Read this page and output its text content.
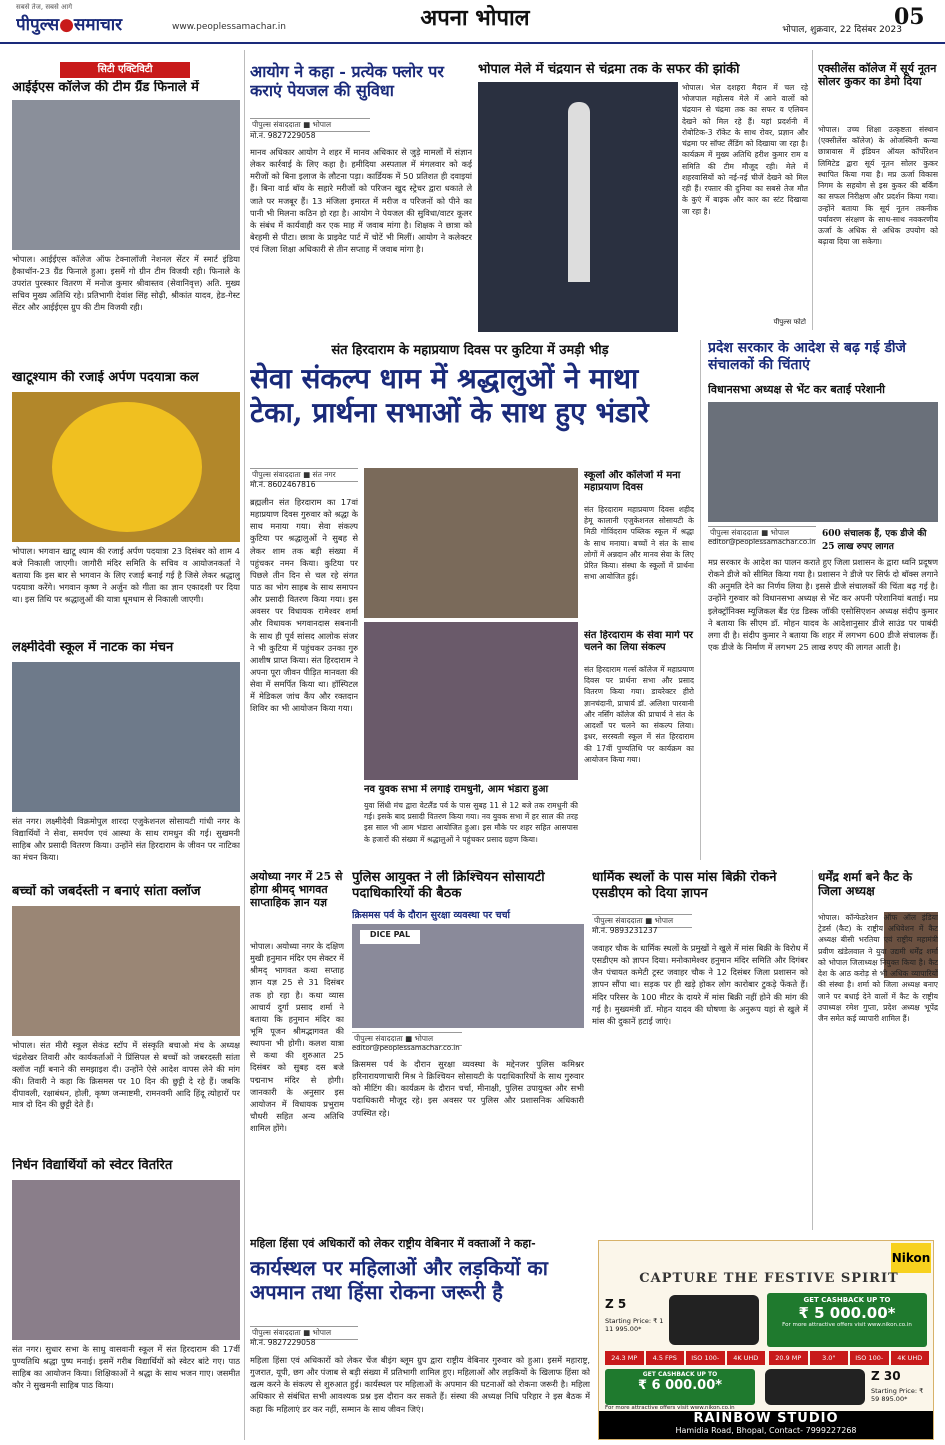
सबसे तेज, सबसे आगे
पीपुल्स●समाचार	www.peoplessamachar.in	अपना भोपाल	भोपाल, शुक्रवार, 22 दिसंबर 2023
05
सिटी एक्टिविटी
आईईएस कॉलेज की टीम ग्रैंड फिनाले में
भोपाल। आईईएस कॉलेज ऑफ टेक्नालॉजी नेशनल सेंटर में स्मार्ट इंडिया हैकाथॉन-23 ग्रैंड फिनाले हुआ। इसमें गो ग्रीन टीम विजयी रही। फिनाले के उपरांत पुरस्कार वितरण में मनोज कुमार श्रीवास्तव (सेवानिवृत्त) अति. मुख्य सचिव मुख्य अतिथि रहे। प्रतिभागी देवांश सिंह सोढ़ी, श्रीकांत यादव, हेड-गेस्ट सेंटर और आईईएस ग्रुप की टीम विजयी रही।
खाटूश्याम की रजाई अर्पण पदयात्रा कल
भोपाल। भगवान खाटू श्याम की रजाई अर्पण पदयात्रा 23 दिसंबर को शाम 4 बजे निकाली जाएगी। जागौरी मंदिर समिति के सचिव व आयोजनकर्ता ने बताया कि इस बार से भगवान के लिए रजाई बनाई गई है जिसे लेकर श्रद्धालु पदयात्रा करेंगे। भगवान कृष्ण ने अर्जुन को गीता का ज्ञान एकादशी पर दिया था। इस तिथि पर श्रद्धालुओं की यात्रा धूमधाम से निकाली जाएगी।
लक्ष्मीदेवी स्कूल में नाटक का मंचन
संत नगर। लक्ष्मीदेवी विक्रमोपुल शारदा एजुकेशनल सोसायटी गांधी नगर के विद्यार्थियों ने सेवा, समर्पण एवं आस्था के साथ रामधुन की गई। सुखमनी साहिब और प्रसादी वितरण किया। उन्होंने संत हिरदाराम के जीवन पर नाटिका का मंचन किया।
बच्चों को जबर्दस्ती न बनाएं सांता क्लॉज
भोपाल। संत मीरौ स्कूल सेकंड स्टॉप में संस्कृति बचाओ मंच के अध्यक्ष चंद्रशेखर तिवारी और कार्यकर्ताओं ने प्रिंसिपल से बच्चों को जबरदस्ती सांता क्लॉज नहीं बनाने की समझाइश दी। उन्होंने ऐसे आदेश वापस लेने की मांग की। तिवारी ने कहा कि क्रिसमस पर 10 दिन की छुट्टी दे रहे हैं। जबकि दीपावली, रक्षाबंधन, होली, कृष्ण जन्माष्टमी, रामनवमी आदि हिंदू त्योहारों पर मात्र दो दिन की छुट्टी देते हैं।
निर्धन विद्यार्थियों को स्वेटर वितरित
संत नगर। सुधार सभा के साधु वासवानी स्कूल में संत हिरदाराम की 17वीं पुण्यतिथि श्रद्धा पुष्प मनाई। इसमें गरीब विद्यार्थियों को स्वेटर बांटे गए। पाठ साहिब का आयोजन किया। शिक्षिकाओं ने श्रद्धा के साथ भजन गाए। जसमीत कौर ने सुखमनी साहिब पाठ किया।
आयोग ने कहा - प्रत्येक फ्लोर पर कराएं पेयजल की सुविधा
पीपुल्स संवाददाता ■ भोपाल
मो.नं. 9827229058
मानव अधिकार आयोग ने शहर में मानव अधिकार से जुड़े मामलों में संज्ञान लेकर कार्रवाई के लिए कहा है। हमीदिया अस्पताल में मंगलवार को कई मरीजों को बिना इलाज के लौटना पड़ा। कार्डियक में 50 प्रतिशत ही दवाइयां हैं। बिना वार्ड बॉय के सहारे मरीजों को परिजन खुद स्ट्रेचर द्वारा धकाते ले जाते पर मजबूर हैं। 13 मंजिला इमारत में मरीज व परिजनों को पीने का पानी भी मिलना कठिन हो रहा है। आयोग ने पेयजल की सुविधा/वाटर कूलर के संबंध में कार्यवाही कर एक माह में जवाब मांगा है। शिक्षक ने छात्रा को बेरहमी से पीटा। छात्रा के प्राइवेट पार्ट में चोटें भी मिलीं। आयोग ने कलेक्टर एवं जिला शिक्षा अधिकारी से तीन सप्ताह में जवाब मांगा है।
भोपाल मेले में चंद्रयान से चंद्रमा तक के सफर की झांकी
भोपाल। भेल दशहरा मैदान में चल रहे भोजपाल महोत्सव मेले में आने वालों को चंद्रयान से चंद्रमा तक का सफर व एलियन देखने को मिल रहे हैं। यहां प्रदर्शनी में रोबोटिक-3 रॉकेट के साथ रोवर, प्रज्ञान और चंद्रमा पर सॉफ्ट लैंडिंग को दिखाया जा रहा है। कार्यक्रम में मुख्य अतिथि हरीश कुमार राम व समिति की टीम मौजूद रही। मेले में शहरवासियों को नई-नई चीजें देखने को मिल रही हैं। रफ्तार की दुनिया का सबसे तेज मौत के कुएं में बाइक और कार का स्टंट दिखाया जा रहा है।
पीपुल्स फोटो
एक्सीलेंस कॉलेज में सूर्य नूतन सोलर कुकर का डेमो दिया
भोपाल। उच्च शिक्षा उत्कृष्टता संस्थान (एक्सीलेंस कॉलेज) के ओजस्विनी कन्या छात्रावास में इंडियन ऑयल कॉर्पोरेशन लिमिटेड द्वारा सूर्य नूतन सोलर कुकर स्थापित किया गया है। मप्र ऊर्जा विकास निगम के सहयोग से इस कुकर की बर्किंग का सफल निरीक्षण और प्रदर्शन किया गया। उन्होंने बताया कि सूर्य नूतन तकनीक पर्यावरण संरक्षण के साथ-साथ नवकरणीय ऊर्जा के अधिक से अधिक उपयोग को बढ़ावा दिया जा सकेगा।
संत हिरदाराम के महाप्रयाण दिवस पर कुटिया में उमड़ी भीड़
सेवा संकल्प धाम में श्रद्धालुओं ने माथा टेका, प्रार्थना सभाओं के साथ हुए भंडारे
पीपुल्स संवाददाता ■ संत नगर
मो.नं. 8602467816
ब्रह्मलीन संत हिरदाराम का 17वां महाप्रयाण दिवस गुरुवार को श्रद्धा के साथ मनाया गया। सेवा संकल्प कुटिया पर श्रद्धालुओं ने सुबह से लेकर शाम तक बड़ी संख्या में पहुंचकर नमन किया। कुटिया पर पिछले तीन दिन से चल रहे संगत पाठ का भोग साहब के साथ समापन और प्रसादी वितरण किया गया। इस अवसर पर विधायक रामेश्वर शर्मा और विधायक भगवानदास सबनानी के साथ ही पूर्व सांसद आलोक संजर ने भी कुटिया में पहुंचकर उनका गुरु आशीष प्राप्त किया। संत हिरदाराम ने अपना पूरा जीवन पीड़ित मानवता की सेवा में समर्पित किया था। हॉस्पिटल में मेडिकल जांच कैंप और रक्तदान शिविर का भी आयोजन किया गया।
नव युवक सभा में लगाई रामधुनी, आम भंडारा हुआ
युवा सिंधी मंच द्वारा वेटलैंड पर्व के पास सुबह 11 से 12 बजे तक रामधुनी की गई। इसके बाद प्रसादी वितरण किया गया। नव युवक सभा में हर साल की तरह इस साल भी आम भंडारा आयोजित हुआ। इस मौके पर शहर सहित आसपास के हजारों की संख्या में श्रद्धालुओं ने पहुंचकर प्रसाद ग्रहण किया।
स्कूलों और कॉलेजों में मना महाप्रयाण दिवस
संत हिरदाराम महाप्रयाण दिवस शहीद हेमू कालानी एजुकेशनल सोसायटी के मिठी गोविंदराम पब्लिक स्कूल में श्रद्धा के साथ मनाया। बच्चों ने संत के साथ लोगों में अन्नदान और मानव सेवा के लिए प्रेरित किया। संस्था के स्कूलों में प्रार्थना सभा आयोजित हुई।
संत हिरदाराम के सेवा मार्ग पर चलने का लिया संकल्प
संत हिरदाराम गर्ल्स कॉलेज में महाप्रयाण दिवस पर प्रार्थना सभा और प्रसाद वितरण किया गया। डायरेक्टर हीरो ज्ञानचंदानी, प्राचार्य डॉ. अलिशा पारवानी और नर्सिंग कॉलेज की प्राचार्य ने संत के आदर्शों पर चलने का संकल्प लिया। इधर, सरस्वती स्कूल में संत हिरदाराम की 17वीं पुण्यतिथि पर कार्यक्रम का आयोजन किया गया।
प्रदेश सरकार के आदेश से बढ़ गई डीजे संचालकों की चिंताएं
विधानसभा अध्यक्ष से भेंट कर बताई परेशानी
पीपुल्स संवाददाता ■ भोपाल
editor@peoplessamachar.co.in
600 संचालक हैं, एक डीजे की 25 लाख रुपए लागत
मप्र सरकार के आदेश का पालन कराते हुए जिला प्रशासन के द्वारा ध्वनि प्रदूषण रोकने डीजे को सीमित किया गया है। प्रशासन ने डीजे पर सिर्फ दो बॉक्स लगाने की अनुमति देने का निर्णय लिया है। इससे डीजे संचालकों की चिंता बढ़ गई है। उन्होंने गुरुवार को विधानसभा अध्यक्ष से भेंट कर अपनी परेशानियां बताई। मप्र इलेक्ट्रॉनिक्स म्यूजिकल बैंड एंड डिस्क जॉकी एसोसिएशन अध्यक्ष संदीप कुमार ने बताया कि सीएम डॉ. मोहन यादव के आदेशानुसार डीजे साउंड पर पाबंदी लगा दी है। संदीप कुमार ने बताया कि शहर में लगभग 600 डीजे संचालक हैं। एक डीजे के निर्माण में लगभग 25 लाख रुपए की लागत आती है।
अयोध्या नगर में 25 से होगा श्रीमद् भागवत साप्ताहिक ज्ञान यज्ञ
भोपाल। अयोध्या नगर के दक्षिण मुखी हनुमान मंदिर एम सेक्टर में श्रीमद् भागवत कथा सप्ताह ज्ञान यज्ञ 25 से 31 दिसंबर तक हो रहा है। कथा व्यास आचार्य दुर्गा प्रसाद शर्मा ने बताया कि हनुमान मंदिर का भूमि पूजन श्रीमद्भागवत की स्थापना भी होगी। कलश यात्रा से कथा की शुरुआत 25 दिसंबर को सुबह दस बजे पद्मनाभ मंदिर से होगी। जानकारी के अनुसार इस आयोजन में विधायक प्रभुराम चौधरी सहित अन्य अतिथि शामिल होंगे।
पुलिस आयुक्त ने ली क्रिश्चियन सोसायटी पदाधिकारियों की बैठक
क्रिसमस पर्व के दौरान सुरक्षा व्यवस्था पर चर्चा
DICE PAL
पीपुल्स संवाददाता ■ भोपाल
editor@peoplessamachar.co.in
क्रिसमस पर्व के दौरान सुरक्षा व्यवस्था के मद्देनजर पुलिस कमिश्नर हरिनारायणाचारी मिश्र ने क्रिश्चियन सोसायटी के पदाधिकारियों के साथ गुरुवार को मीटिंग की। कार्यक्रम के दौरान चर्चा, मीनाक्षी, पुलिस उपायुक्त और सभी पदाधिकारी मौजूद रहे। इस अवसर पर पुलिस और प्रशासनिक अधिकारी उपस्थित रहे।
धार्मिक स्थलों के पास मांस बिक्री रोकने एसडीएम को दिया ज्ञापन
पीपुल्स संवाददाता ■ भोपाल
मो.नं. 9893231237
जवाहर चौक के धार्मिक स्थलों के प्रमुखों ने खुले में मांस बिक्री के विरोध में एसडीएम को ज्ञापन दिया। मनोकामेश्वर हनुमान मंदिर समिति और दिगंबर जैन पंचायत कमेटी ट्रस्ट जवाहर चौक ने 12 दिसंबर जिला प्रशासन को ज्ञापन सौंपा था। सड़क पर ही खड़े होकर लोग कारोबार टुकड़े फेंकते हैं। मंदिर परिसर के 100 मीटर के दायरे में मांस बिक्री नहीं होने की मांग की गई है। मुख्यमंत्री डॉ. मोहन यादव की घोषणा के अनुरूप यहां से खुले में मांस की दुकानें हटाई जाएं।
धर्मेंद्र शर्मा बने कैट के जिला अध्यक्ष
भोपाल। कॉन्फेडरेशन ऑफ ऑल इंडिया ट्रेडर्स (कैट) के राष्ट्रीय अधिवेशन में कैट अध्यक्ष बीसी भरतिया एवं राष्ट्रीय महामंत्री प्रवीण खंडेलवाल ने युवा उद्यमी धर्मेंद्र शर्मा को भोपाल जिलाध्यक्ष नियुक्त किया है। कैट देश के आठ करोड़ से भी अधिक व्यापारियों की संस्था है। शर्मा को जिला अध्यक्ष बनाए जाने पर बधाई देने वालों में कैट के राष्ट्रीय उपाध्यक्ष रमेश गुप्ता, प्रदेश अध्यक्ष भूपेंद्र जैन समेत कई व्यापारी शामिल हैं।
महिला हिंसा एवं अधिकारों को लेकर राष्ट्रीय वेबिनार में वक्ताओं ने कहा-
कार्यस्थल पर महिलाओं और लड़कियों का अपमान तथा हिंसा रोकना जरूरी है
पीपुल्स संवाददाता ■ भोपाल
मो.नं. 9827229058
महिला हिंसा एवं अधिकारों को लेकर चेंज बीइंग ब्लूम ग्रुप द्वारा राष्ट्रीय वेबिनार गुरुवार को हुआ। इसमें महाराष्ट्र, गुजरात, यूपी, छग और पंजाब से बड़ी संख्या में प्रतिभागी शामिल हुए। महिलाओं और लड़कियों के खिलाफ हिंसा को खत्म करने के संकल्प से शुरुआत हुई। कार्यस्थल पर महिलाओं के अपमान की घटनाओं को रोकना जरूरी है। महिला अधिकार से संबंधित सभी आवश्यक प्रश्न इस दौरान कर सकते हैं। संस्था की अध्यक्ष निधि परिहार ने इस बैठक में कहा कि महिलाएं डर कर नहीं, सम्मान के साथ जीवन जिएं।
Nikon
CAPTURE THE FESTIVE SPIRIT
Z 5
Starting Price: ₹ 1 11 995.00*
GET CASHBACK UP TO
₹ 5 000.00*
For more attractive offers visit www.nikon.co.in
24.3 MP	4.5 FPS	ISO 100-	4K UHD	20.9 MP	3.0"	ISO 100-	4K UHD
GET CASHBACK UP TO
₹ 6 000.00*
Z 30
Starting Price: ₹ 59 895.00*
For more attractive offers visit www.nikon.co.in
RAINBOW STUDIO
Hamidia Road, Bhopal, Contact- 7999227268
